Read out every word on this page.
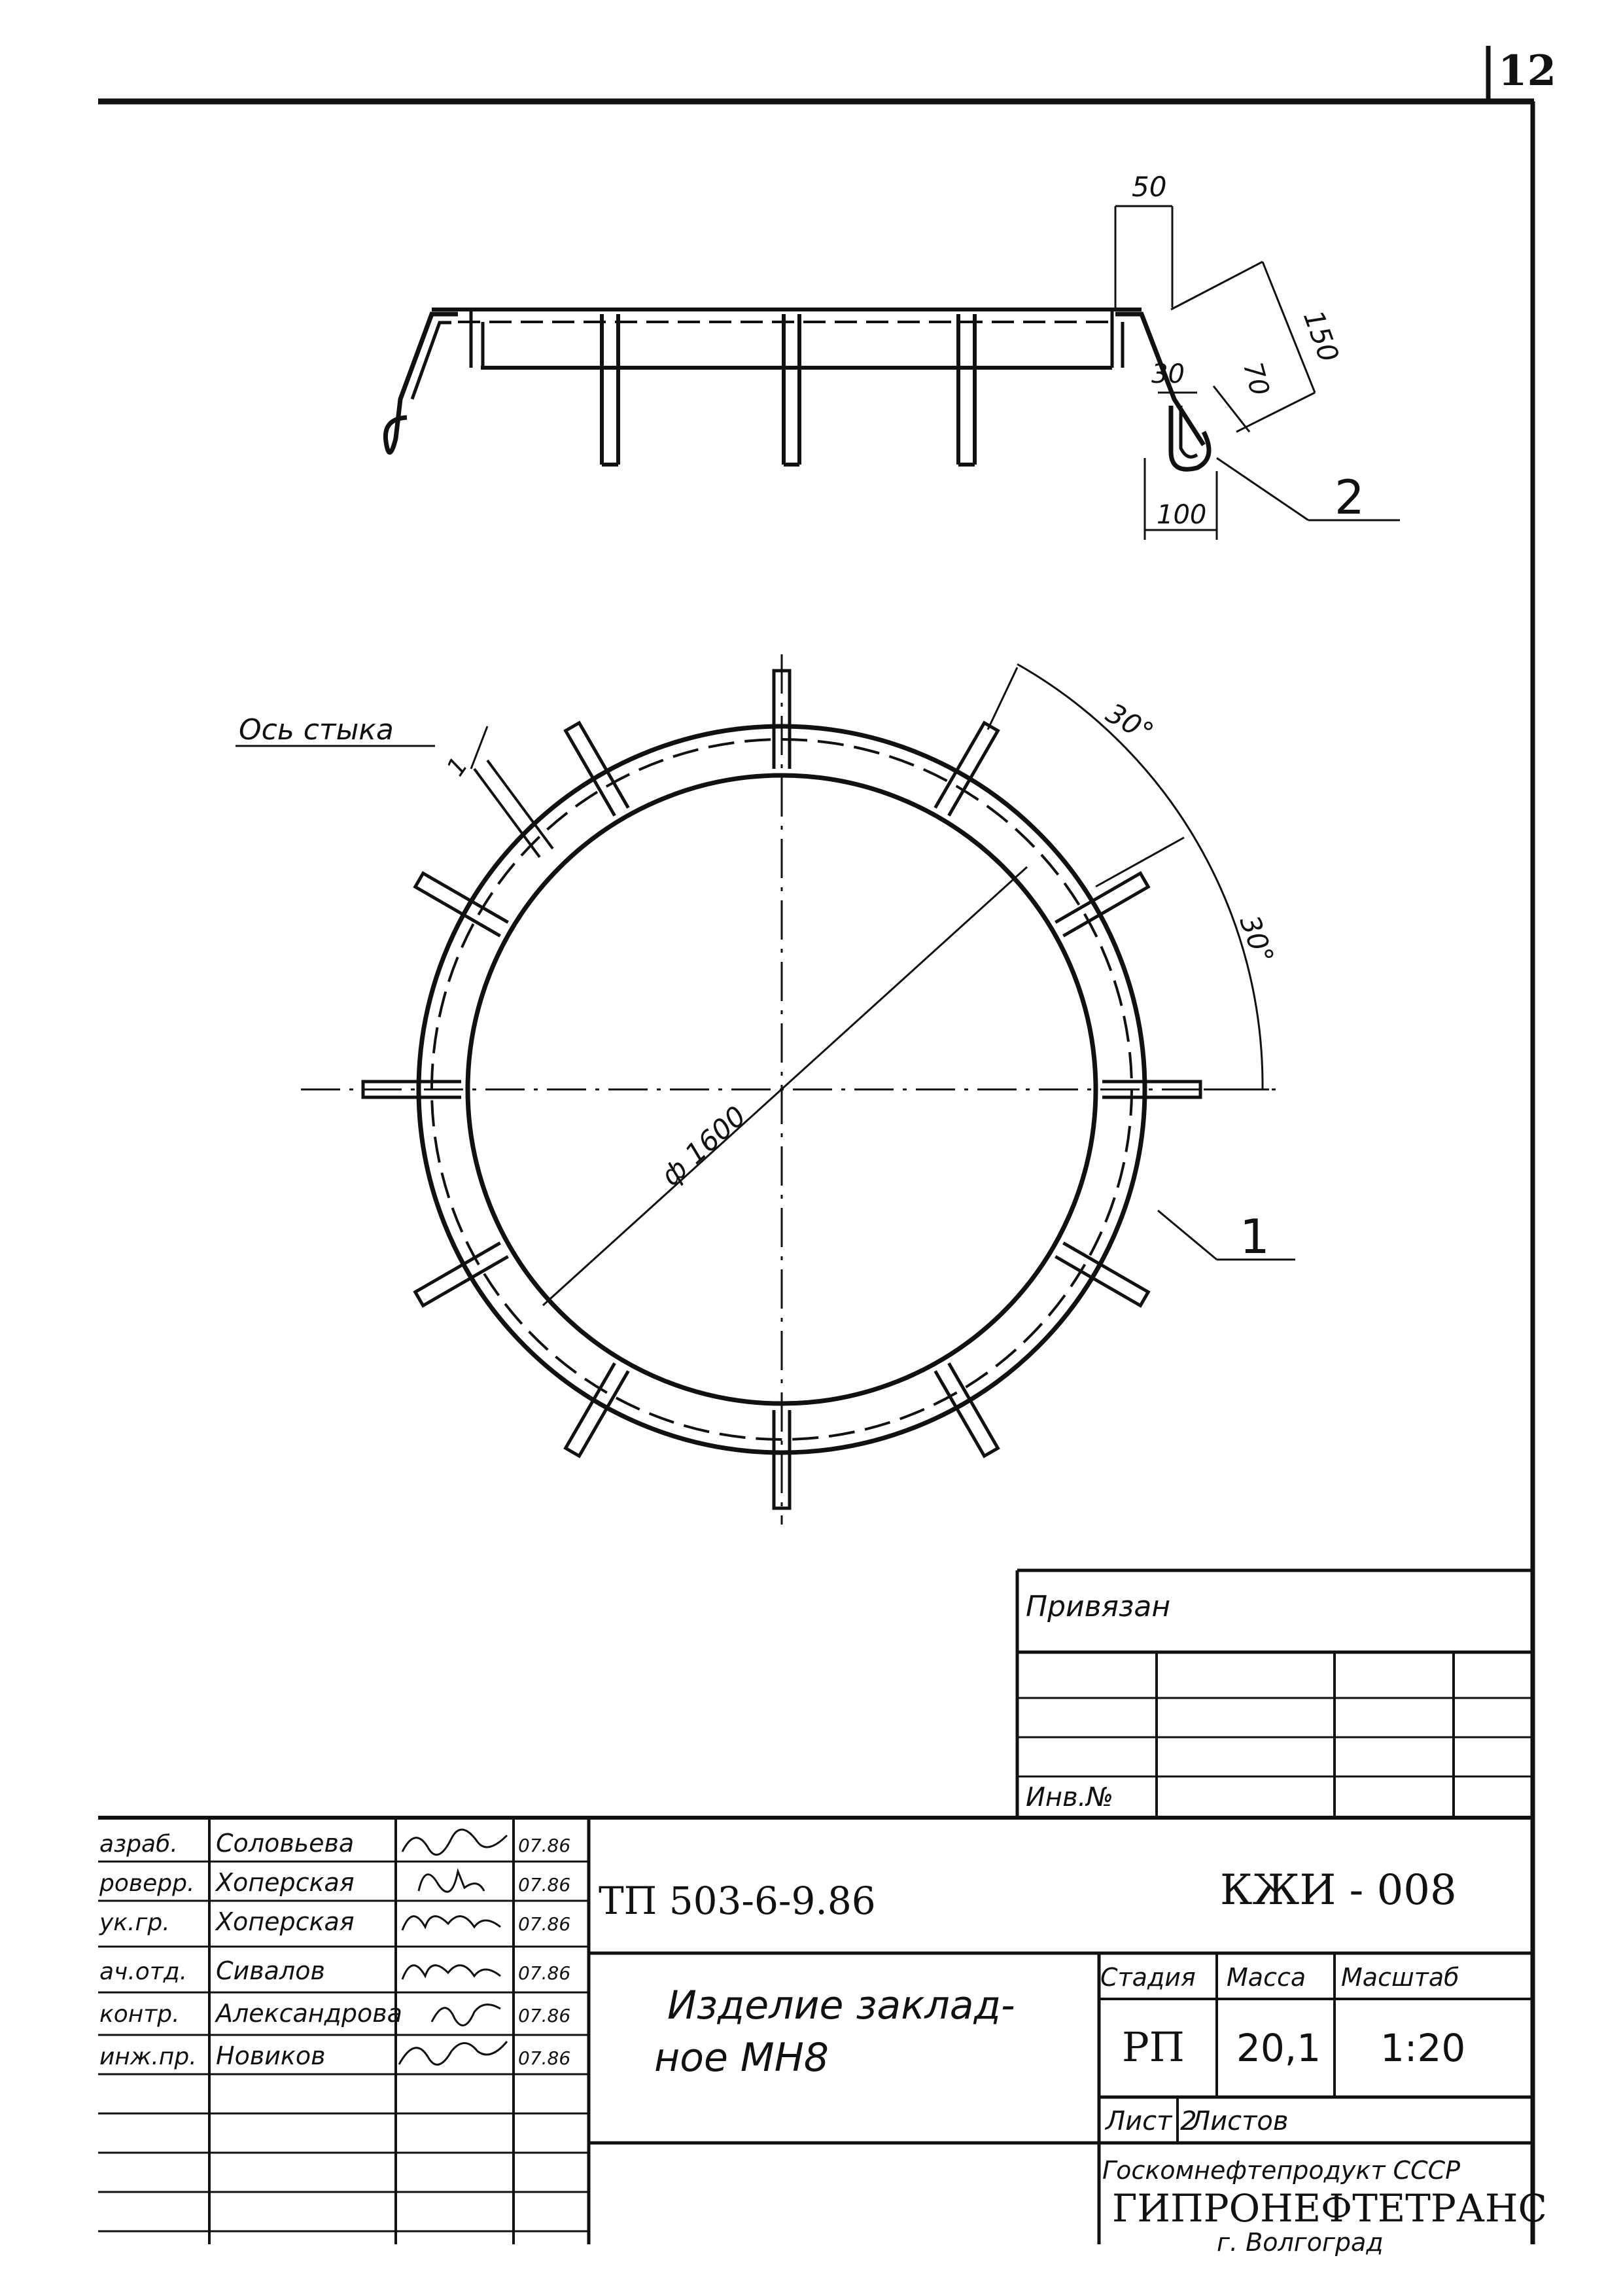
12
50
150
30 70
100	2
Ось стыка
1
ф 1600
30°
30°
1
Привязан
Инв.№
азраб. Соловьева	07.86
роверр. Хоперская	07.86
ук.гр. Хоперская	07.86
ач.отд. Сивалов	07.86
контр. Александрова	07.86
инж.пр. Новиков	07.86
ТП 503-6-9.86	КЖИ - 008
Изделие заклад-
ное МН8
Стадия Масса Масштаб
РП 20,1 1:20
Лист 2
Листов
Госкомнефтепродукт СССР
ГИПРОНЕФТЕТРАНС
г. Волгоград
